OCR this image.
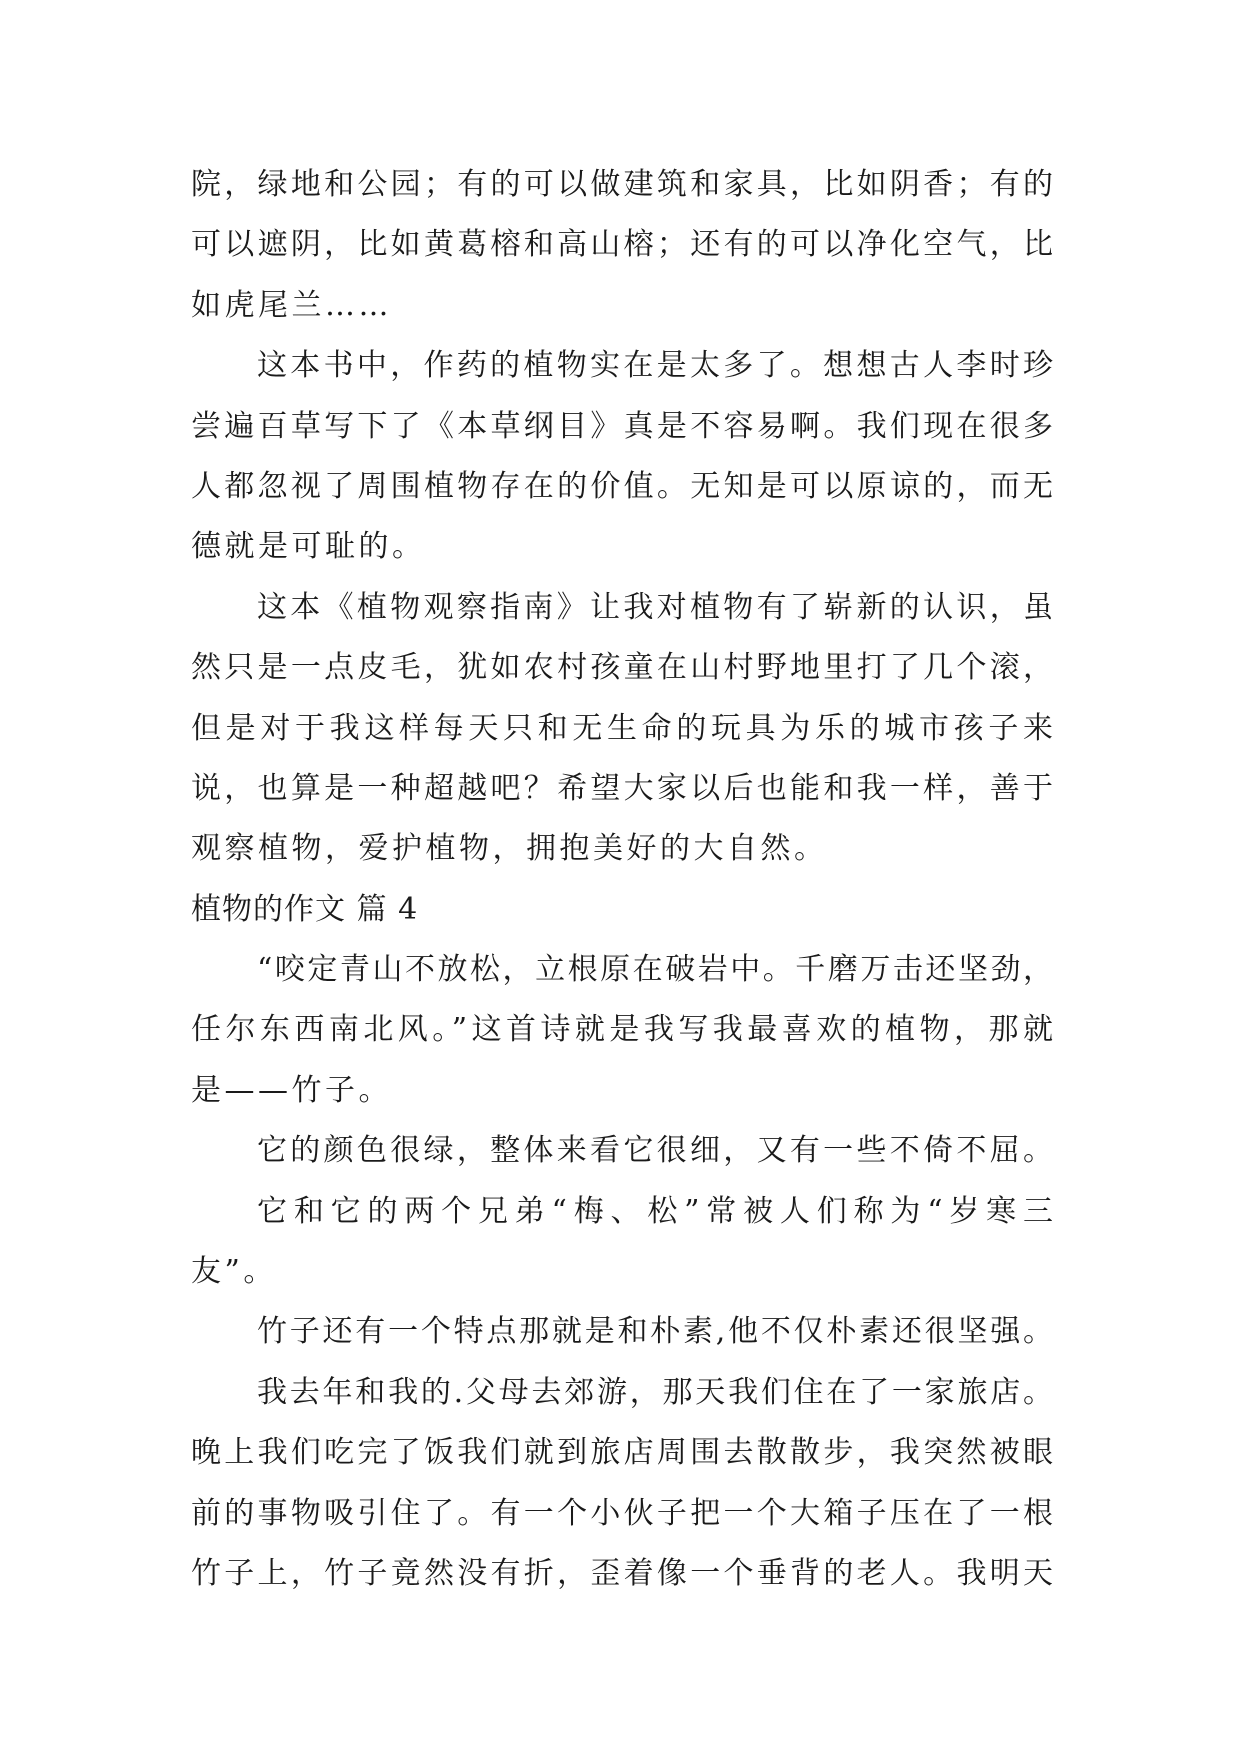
院，绿地和公园；有的可以做建筑和家具，比如阴香；有的
可以遮阴，比如黄葛榕和高山榕；还有的可以净化空气，比
如虎尾兰……
这本书中，作药的植物实在是太多了。想想古人李时珍
尝遍百草写下了《本草纲目》真是不容易啊。我们现在很多
人都忽视了周围植物存在的价值。无知是可以原谅的，而无
德就是可耻的。
这本《植物观察指南》让我对植物有了崭新的认识，虽
然只是一点皮毛，犹如农村孩童在山村野地里打了几个滚，
但是对于我这样每天只和无生命的玩具为乐的城市孩子来
说，也算是一种超越吧？希望大家以后也能和我一样，善于
观察植物，爱护植物，拥抱美好的大自然。
植物的作文 篇 4
“咬定青山不放松，立根原在破岩中。千磨万击还坚劲，
任尔东西南北风。”这首诗就是我写我最喜欢的植物，那就
是——竹子。
它的颜色很绿，整体来看它很细，又有一些不倚不屈。
它和它的两个兄弟“梅、松”常被人们称为“岁寒三
友”。
竹子还有一个特点那就是和朴素,他不仅朴素还很坚强。
我去年和我的.父母去郊游，那天我们住在了一家旅店。
晚上我们吃完了饭我们就到旅店周围去散散步，我突然被眼
前的事物吸引住了。有一个小伙子把一个大箱子压在了一根
竹子上，竹子竟然没有折，歪着像一个垂背的老人。我明天
